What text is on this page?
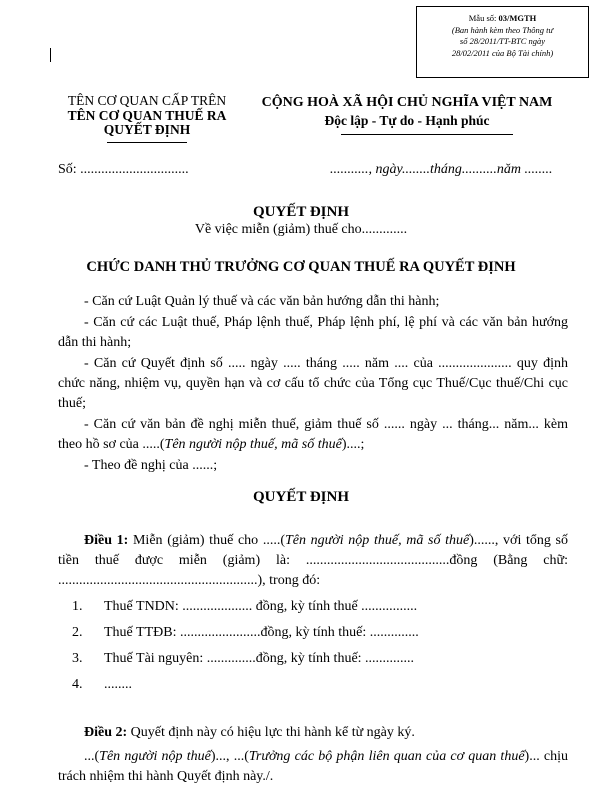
Mẫu số: 03/MGTH
(Ban hành kèm theo Thông tư
số 28/2011/TT-BTC ngày
28/02/2011 của Bộ Tài chính)
TÊN CƠ QUAN CẤP TRÊN
TÊN CƠ QUAN THUẾ RA
QUYẾT ĐỊNH
CỘNG HOÀ XÃ HỘI CHỦ NGHĨA VIỆT NAM
Độc lập - Tự do - Hạnh phúc
Số: ...............................	..........., ngày........tháng..........năm ........
QUYẾT ĐỊNH
Về việc miễn (giảm) thuế cho.............
CHỨC DANH THỦ TRƯỞNG CƠ QUAN THUẾ RA QUYẾT ĐỊNH

- Căn cứ Luật Quản lý thuế và các văn bản hướng dẫn thi hành;

- Căn cứ các Luật thuế, Pháp lệnh thuế, Pháp lệnh phí, lệ phí và các văn bản hướng dẫn thi hành;

- Căn cứ Quyết định số ..... ngày ..... tháng ..... năm .... của ..................... quy định chức năng, nhiệm vụ, quyền hạn và cơ cấu tổ chức của Tổng cục Thuế/Cục thuế/Chi cục thuế;

- Căn cứ văn bản đề nghị miễn thuế, giảm thuế số ...... ngày ... tháng... năm... kèm theo hồ sơ của .....(Tên người nộp thuế, mã số thuế)....;

- Theo đề nghị của ......;

QUYẾT ĐỊNH

Điều 1: Miễn (giảm) thuế cho .....(Tên người nộp thuế, mã số thuế)......, với tổng số tiền thuế được miễn (giảm) là: .........................................đồng (Bằng chữ: .........................................................), trong đó:

1.	Thuế TNDN: .................... đồng, kỳ tính thuế ................
2.	Thuế TTĐB: .......................đồng, kỳ tính thuế: ..............
3.	Thuế Tài nguyên: ..............đồng, kỳ tính thuế: ..............
4.	........

Điều 2: Quyết định này có hiệu lực thi hành kể từ ngày ký.

...(Tên người nộp thuế)..., ...(Trưởng các bộ phận liên quan của cơ quan thuế)... chịu trách nhiệm thi hành Quyết định này./.
